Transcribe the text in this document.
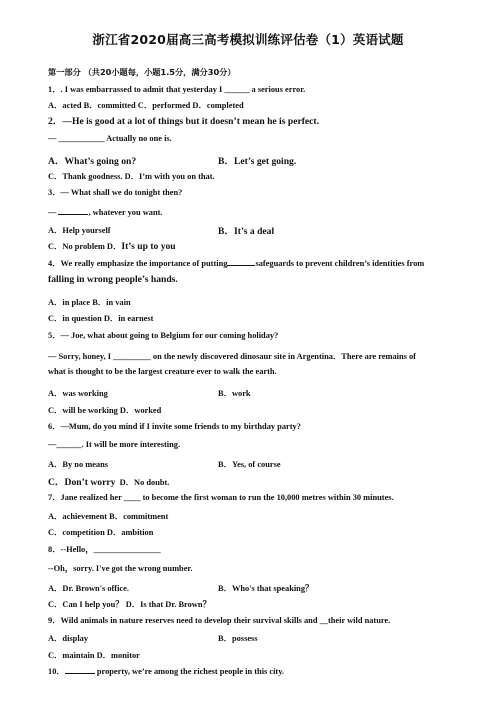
浙江省2020届高三高考模拟训练评估卷（1）英语试题
第一部分 （共20小题每，小题1.5分，满分30分）
1．. I was embarrassed to admit that yesterday I ______ a serious error.
A．acted B．committed C．performed D．completed
2．—He is good at a lot of things but it doesn’t mean he is perfect.
— ___________ Actually no one is.
A．What’s going on?	B．Let’s get going.
C．Thank goodness. D．I’m with you on that.
3．— What shall we do tonight then?
—	, whatever you want.
A．Help yourself	B．It’s a deal
C．No problem D．It’s up to you
4．We really emphasize the importance of putting	safeguards to prevent children’s identities from
falling in wrong people’s hands.
A．in place B．in vain
C．in question D．in earnest
5．— Joe, what about going to Belgium for our coming holiday?
— Sorry, honey, I _________ on the newly discovered dinosaur site in Argentina．There are remains of
what is thought to be the largest creature ever to walk the earth.
A．was working	B．work
C．will be working D．worked
6．—Mum, do you mind if I invite some friends to my birthday party?
—______. It will be more interesting.
A．By no means	B．Yes, of course
C．Don’t worry D．No doubt.
7．Jane realized her ____ to become the first woman to run the 10,000 metres within 30 minutes.
A．achievement B．commitment
C．competition D．ambition
8．--Hello，________________
--Oh，sorry. I've got the wrong number.
A．Dr. Brown's office.	B．Who's that speaking？
C．Can I help you？ D．Is that Dr. Brown？
9．Wild animals in nature reserves need to develop their survival skills and __their wild nature.
A．display	B．possess
C．maintain D．monitor
10．	property, we’re among the richest people in this city.
